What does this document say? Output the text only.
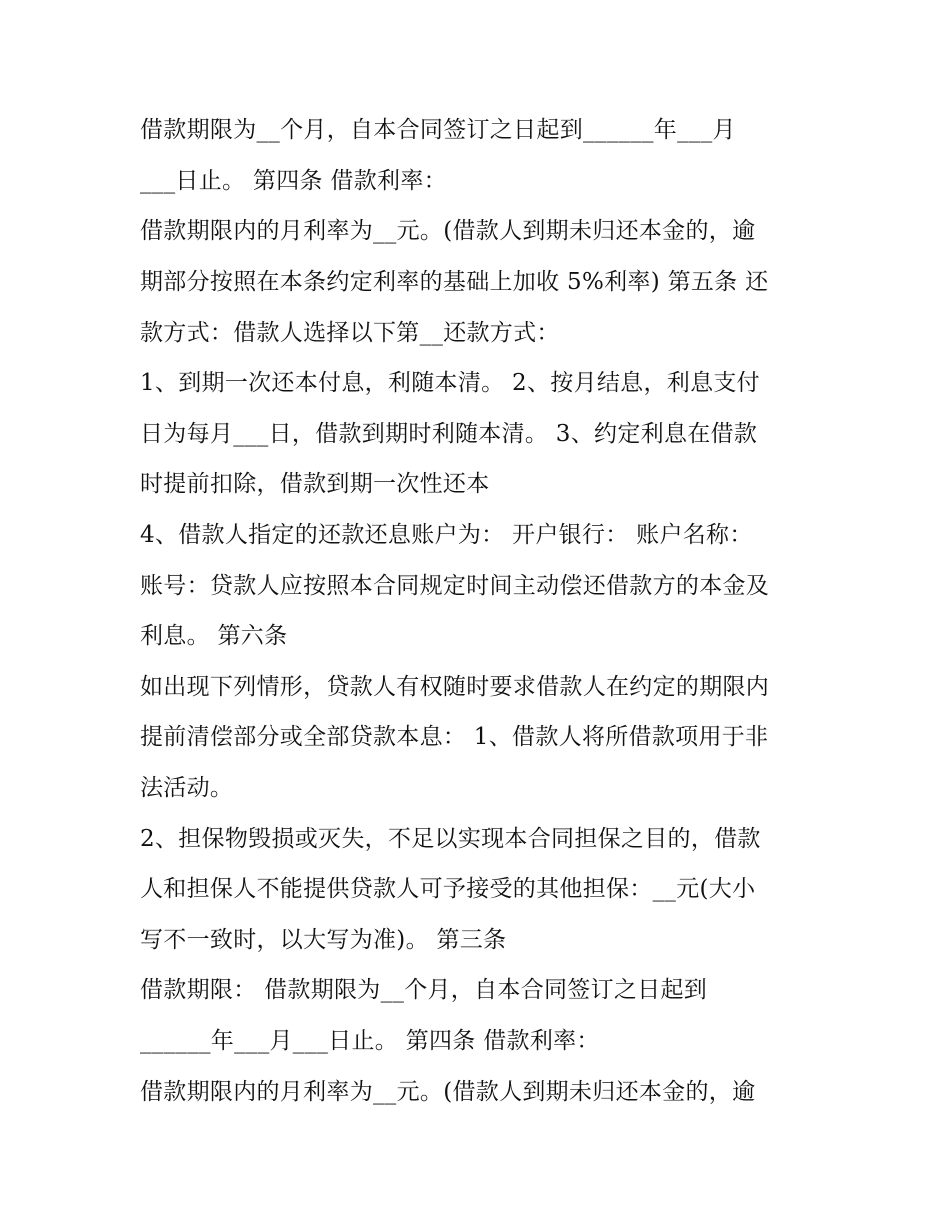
借款期限为__个月，自本合同签订之日起到______年___月
___日止。 第四条 借款利率：
借款期限内的月利率为__元。(借款人到期未归还本金的，逾
期部分按照在本条约定利率的基础上加收 5%利率) 第五条 还
款方式：借款人选择以下第__还款方式：
1、到期一次还本付息，利随本清。 2、按月结息，利息支付
日为每月___日，借款到期时利随本清。 3、约定利息在借款
时提前扣除，借款到期一次性还本
4、借款人指定的还款还息账户为： 开户银行： 账户名称：
账号：贷款人应按照本合同规定时间主动偿还借款方的本金及
利息。 第六条
如出现下列情形，贷款人有权随时要求借款人在约定的期限内
提前清偿部分或全部贷款本息： 1、借款人将所借款项用于非
法活动。
2、担保物毁损或灭失，不足以实现本合同担保之目的，借款
人和担保人不能提供贷款人可予接受的其他担保：__元(大小
写不一致时，以大写为准)。 第三条
借款期限： 借款期限为__个月，自本合同签订之日起到
______年___月___日止。 第四条 借款利率：
借款期限内的月利率为__元。(借款人到期未归还本金的，逾
